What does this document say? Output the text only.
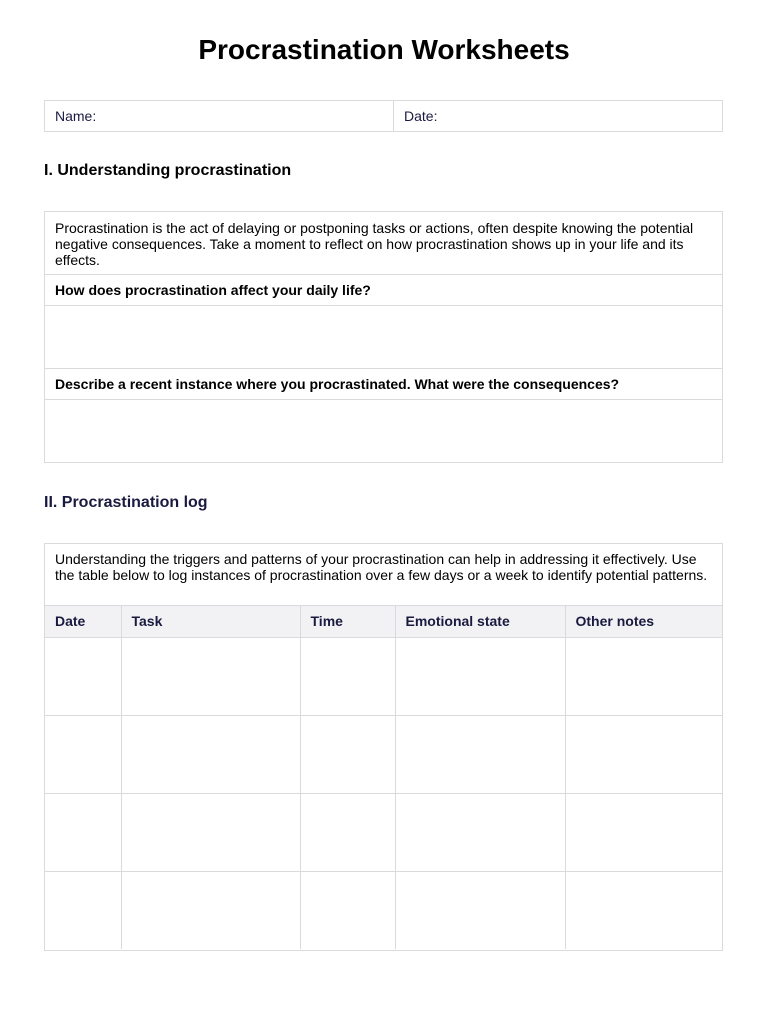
Procrastination Worksheets
Name:	Date:
I. Understanding procrastination
Procrastination is the act of delaying or postponing tasks or actions, often despite knowing the potential negative consequences. Take a moment to reflect on how procrastination shows up in your life and its effects.
How does procrastination affect your daily life?
Describe a recent instance where you procrastinated. What were the consequences?
II. Procrastination log
Understanding the triggers and patterns of your procrastination can help in addressing it effectively. Use the table below to log instances of procrastination over a few days or a week to identify potential patterns.
Date	Task	Time	Emotional state	Other notes
